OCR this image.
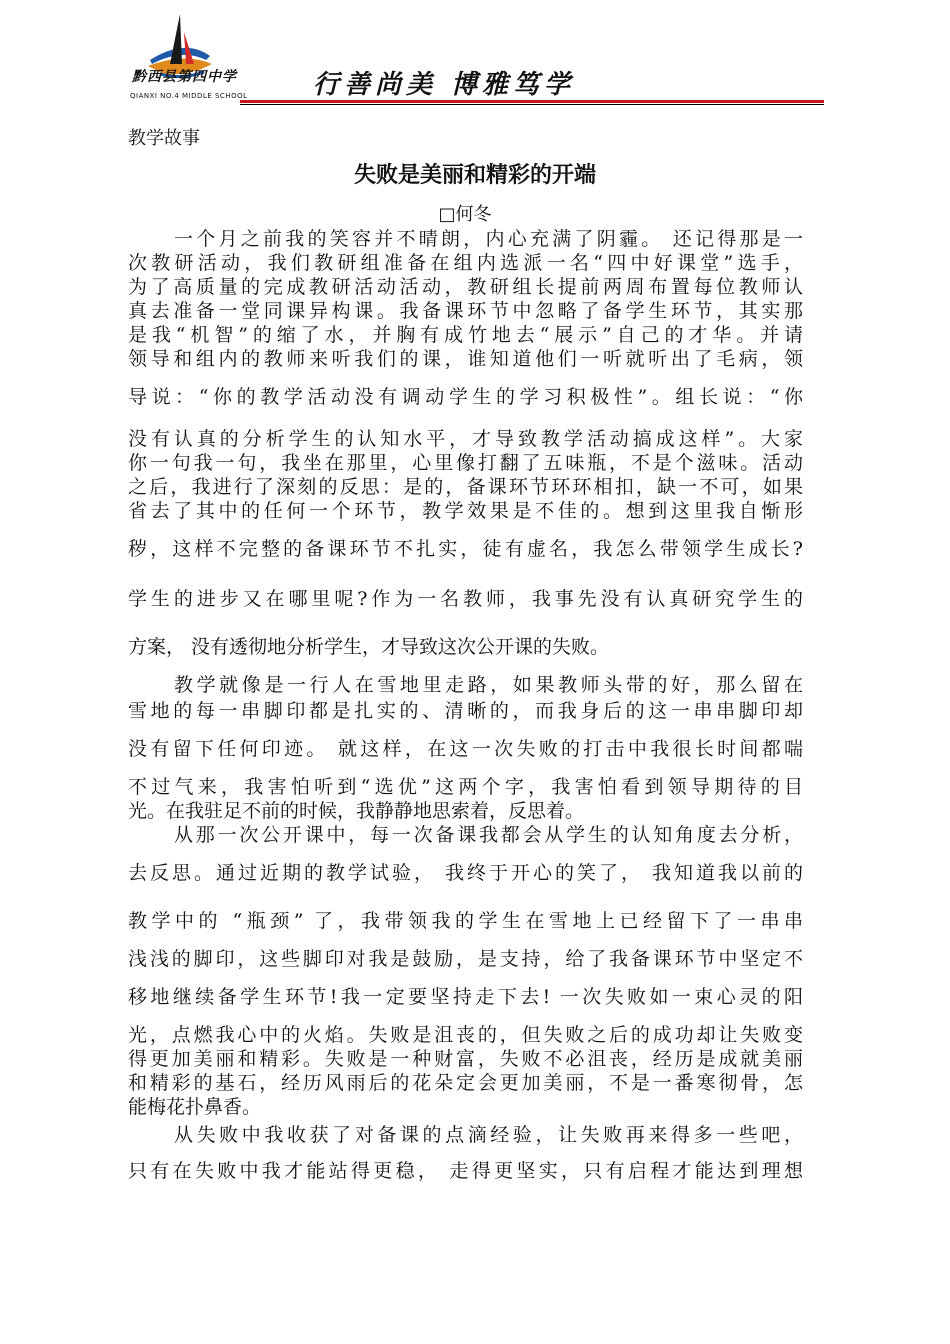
黔西县第四中学
QIANXI NO.4 MIDDLE SCHOOL	行善尚美 博雅笃学
教学故事
失败是美丽和精彩的开端
□何冬
一个月之前我的笑容并不晴朗，内心充满了阴霾。 还记得那是一
次教研活动，我们教研组准备在组内选派一名“四中好课堂”选手，
为了高质量的完成教研活动活动，教研组长提前两周布置每位教师认
真去准备一堂同课异构课。我备课环节中忽略了备学生环节，其实那
是我“机智”的缩了水，并胸有成竹地去“展示”自己的才华。并请
领导和组内的教师来听我们的课，谁知道他们一听就听出了毛病，领
导说：“你的教学活动没有调动学生的学习积极性”。组长说：“你
没有认真的分析学生的认知水平，才导致教学活动搞成这样”。大家
你一句我一句，我坐在那里，心里像打翻了五味瓶，不是个滋味。活动
之后，我进行了深刻的反思：是的，备课环节环环相扣，缺一不可，如果
省去了其中的任何一个环节，教学效果是不佳的。想到这里我自惭形
秽，这样不完整的备课环节不扎实，徒有虚名，我怎么带领学生成长?
学生的进步又在哪里呢?作为一名教师，我事先没有认真研究学生的
方案， 没有透彻地分析学生，才导致这次公开课的失败。
教学就像是一行人在雪地里走路，如果教师头带的好，那么留在
雪地的每一串脚印都是扎实的、清晰的，而我身后的这一串串脚印却
没有留下任何印迹。 就这样，在这一次失败的打击中我很长时间都喘
不过气来，我害怕听到“选优”这两个字，我害怕看到领导期待的目
光。在我驻足不前的时候，我静静地思索着，反思着。
从那一次公开课中，每一次备课我都会从学生的认知角度去分析，
去反思。通过近期的教学试验， 我终于开心的笑了， 我知道我以前的
教学中的 “瓶颈” 了，我带领我的学生在雪地上已经留下了一串串
浅浅的脚印，这些脚印对我是鼓励，是支持，给了我备课环节中坚定不
移地继续备学生环节!我一定要坚持走下去! 一次失败如一束心灵的阳
光，点燃我心中的火焰。失败是沮丧的，但失败之后的成功却让失败变
得更加美丽和精彩。失败是一种财富，失败不必沮丧，经历是成就美丽
和精彩的基石，经历风雨后的花朵定会更加美丽，不是一番寒彻骨，怎
能梅花扑鼻香。
从失败中我收获了对备课的点滴经验，让失败再来得多一些吧，
只有在失败中我才能站得更稳， 走得更坚实，只有启程才能达到理想
